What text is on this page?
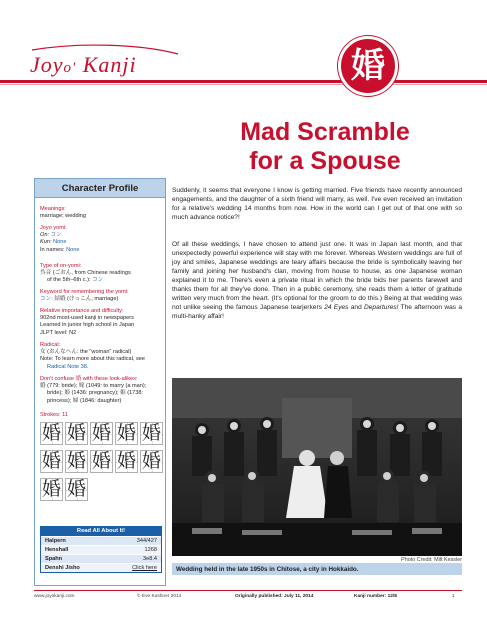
Joyo' Kanji	婚
Mad Scramble
for a Spouse
Character Profile
Meanings:
marriage; wedding
Joyo yomi:
On: コン
Kun: None
In names: None
Type of on-yomi:
呉音 (ごおん, from Chinese readings
of the 5th–6th c.): コン
Keyword for remembering the yomi:
コン: 結婚 (けっこん, marriage)
Relative importance and difficulty:
902nd most-used kanji in newspapers
Learned in junior high school in Japan
JLPT level: N2
Radical:
女 (おんなへん: the "woman" radical)
Note: To learn more about this radical, see
Radical Note 38.
Don't confuse 婚 with these look-alikes:
婚 (779: bride); 嫁 (1049: to marry (a man);
bride); 姫 (1436: pregnancy); 姫 (1738:
princess); 婦 (1846: daughter)
Strokes: 11
婚 婚 婚 婚 婚
婚 婚 婚 婚 婚
婚 婚
Read All About It!
Halpern	344/427
Henshall	1268
Spahn	3e8.4
Denshi Jisho	Click here
Suddenly, it seems that everyone I know is getting married. Five friends have recently announced engagements, and the daughter of a sixth friend will marry, as well. I've even received an invitation for a relative's wedding 14 months from now. How in the world can I get out of that one with so much advance notice?!
Of all these weddings, I have chosen to attend just one. It was in Japan last month, and that unexpectedly powerful experience will stay with me forever. Whereas Western weddings are full of joy and smiles, Japanese weddings are teary affairs because the bride is symbolically leaving her family and joining her husband's clan, moving from house to house, as one Japanese woman explained it to me. There's even a private ritual in which the bride bids her parents farewell and thanks them for all they've done. Then in a public ceremony, she reads them a letter of gratitude written very much from the heart. (It's optional for the groom to do this.) Being at that wedding was not unlike seeing the famous Japanese tearjerkers 24 Eyes and Departures! The afternoon was a multi-hanky affair!
Photo Credit: Milt Kessler
Wedding held in the late 1950s in Chitose, a city in Hokkaido.
www.joyokanji.com	© Eve Kushner 2014	Originally published: July 11, 2014	Kanji number: 12/8	1
